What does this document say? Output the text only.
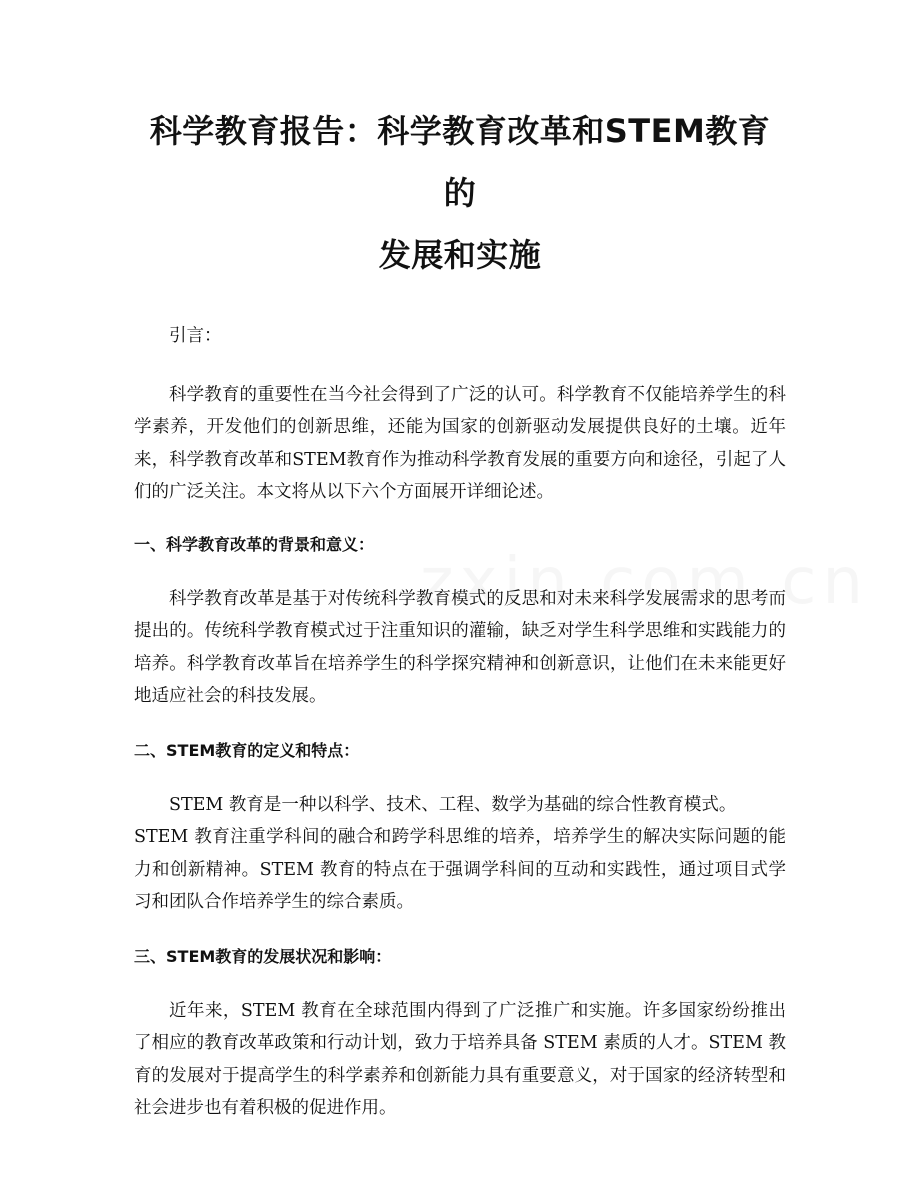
科学教育报告：科学教育改革和STEM教育的
发展和实施

引言：

科学教育的重要性在当今社会得到了广泛的认可。科学教育不仅能培养学生的科学素养，开发他们的创新思维，还能为国家的创新驱动发展提供良好的土壤。近年来，科学教育改革和STEM教育作为推动科学教育发展的重要方向和途径，引起了人们的广泛关注。本文将从以下六个方面展开详细论述。

一、科学教育改革的背景和意义：

科学教育改革是基于对传统科学教育模式的反思和对未来科学发展需求的思考而提出的。传统科学教育模式过于注重知识的灌输，缺乏对学生科学思维和实践能力的培养。科学教育改革旨在培养学生的科学探究精神和创新意识，让他们在未来能更好地适应社会的科技发展。

二、STEM教育的定义和特点：

STEM 教育是一种以科学、技术、工程、数学为基础的综合性教育模式。

STEM 教育注重学科间的融合和跨学科思维的培养，培养学生的解决实际问题的能力和创新精神。STEM 教育的特点在于强调学科间的互动和实践性，通过项目式学习和团队合作培养学生的综合素质。

三、STEM教育的发展状况和影响：

近年来，STEM 教育在全球范围内得到了广泛推广和实施。许多国家纷纷推出了相应的教育改革政策和行动计划，致力于培养具备 STEM 素质的人才。STEM 教育的发展对于提高学生的科学素养和创新能力具有重要意义，对于国家的经济转型和社会进步也有着积极的促进作用。
